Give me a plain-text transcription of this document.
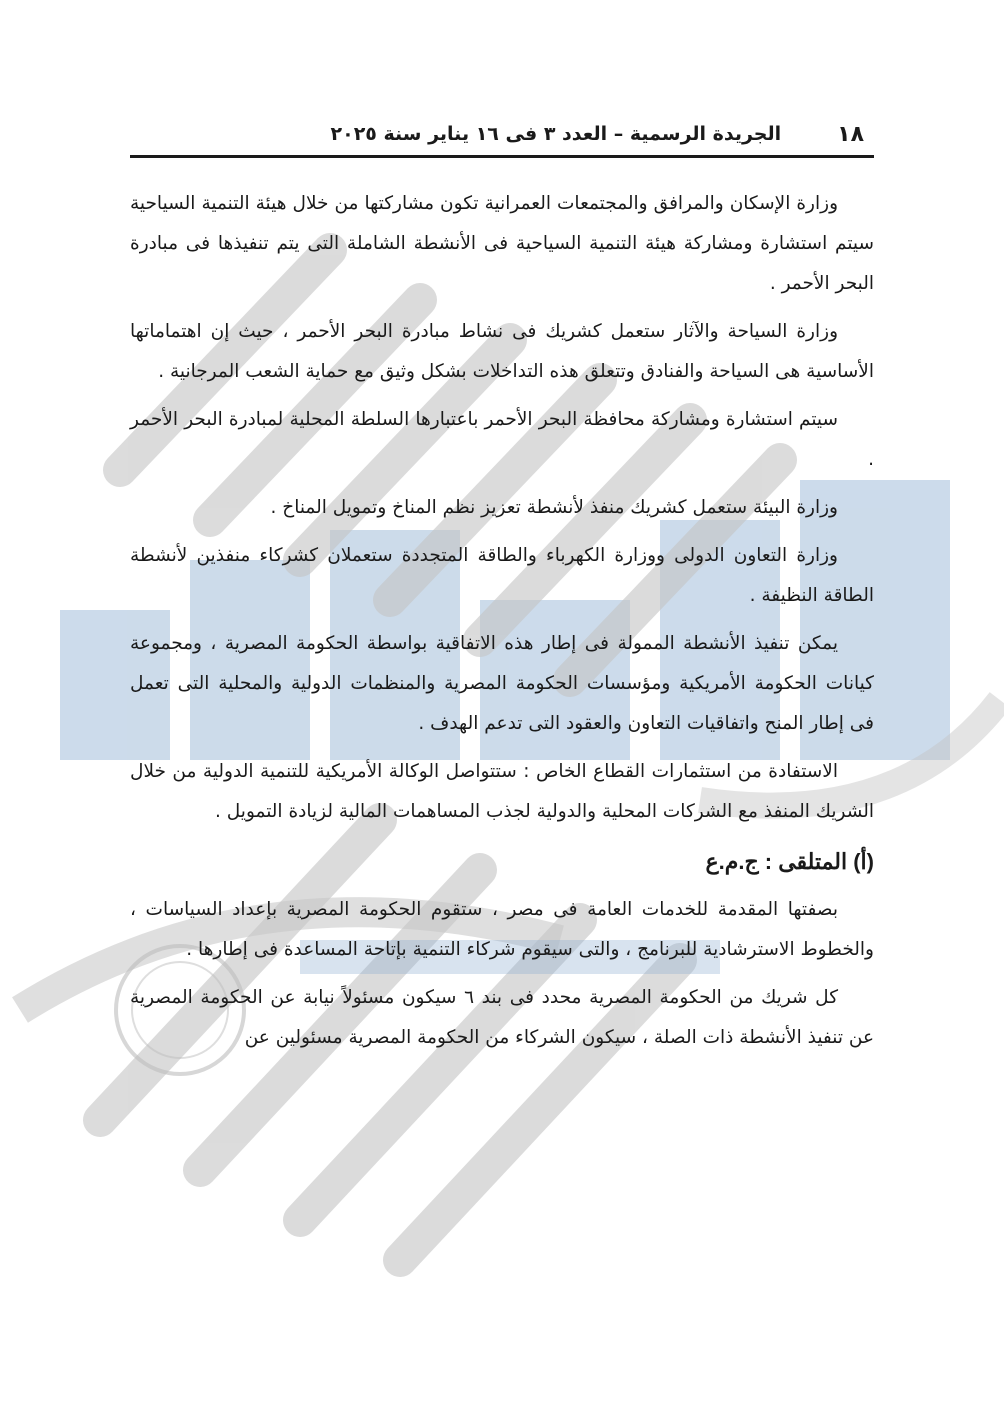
١٨
الجريدة الرسمية – العدد ٣ فى ١٦ يناير سنة ٢٠٢٥

وزارة الإسكان والمرافق والمجتمعات العمرانية تكون مشاركتها من خلال هيئة التنمية السياحية سيتم استشارة ومشاركة هيئة التنمية السياحية فى الأنشطة الشاملة التى يتم تنفيذها فى مبادرة البحر الأحمر .

وزارة السياحة والآثار ستعمل كشريك فى نشاط مبادرة البحر الأحمر ، حيث إن اهتماماتها الأساسية هى السياحة والفنادق وتتعلق هذه التداخلات بشكل وثيق مع حماية الشعب المرجانية .

سيتم استشارة ومشاركة محافظة البحر الأحمر باعتبارها السلطة المحلية لمبادرة البحر الأحمر .

وزارة البيئة ستعمل كشريك منفذ لأنشطة تعزيز نظم المناخ وتمويل المناخ .

وزارة التعاون الدولى ووزارة الكهرباء والطاقة المتجددة ستعملان كشركاء منفذين لأنشطة الطاقة النظيفة .

يمكن تنفيذ الأنشطة الممولة فى إطار هذه الاتفاقية بواسطة الحكومة المصرية ، ومجموعة كيانات الحكومة الأمريكية ومؤسسات الحكومة المصرية والمنظمات الدولية والمحلية التى تعمل فى إطار المنح واتفاقيات التعاون والعقود التى تدعم الهدف .

الاستفادة من استثمارات القطاع الخاص : ستتواصل الوكالة الأمريكية للتنمية الدولية من خلال الشريك المنفذ مع الشركات المحلية والدولية لجذب المساهمات المالية لزيادة التمويل .

(أ) المتلقى : ج.م.ع

بصفتها المقدمة للخدمات العامة فى مصر ، ستقوم الحكومة المصرية بإعداد السياسات ، والخطوط الاسترشادية للبرنامج ، والتى سيقوم شركاء التنمية بإتاحة المساعدة فى إطارها .

كل شريك من الحكومة المصرية محدد فى بند ٦ سيكون مسئولاً نيابة عن الحكومة المصرية عن تنفيذ الأنشطة ذات الصلة ، سيكون الشركاء من الحكومة المصرية مسئولين عن
